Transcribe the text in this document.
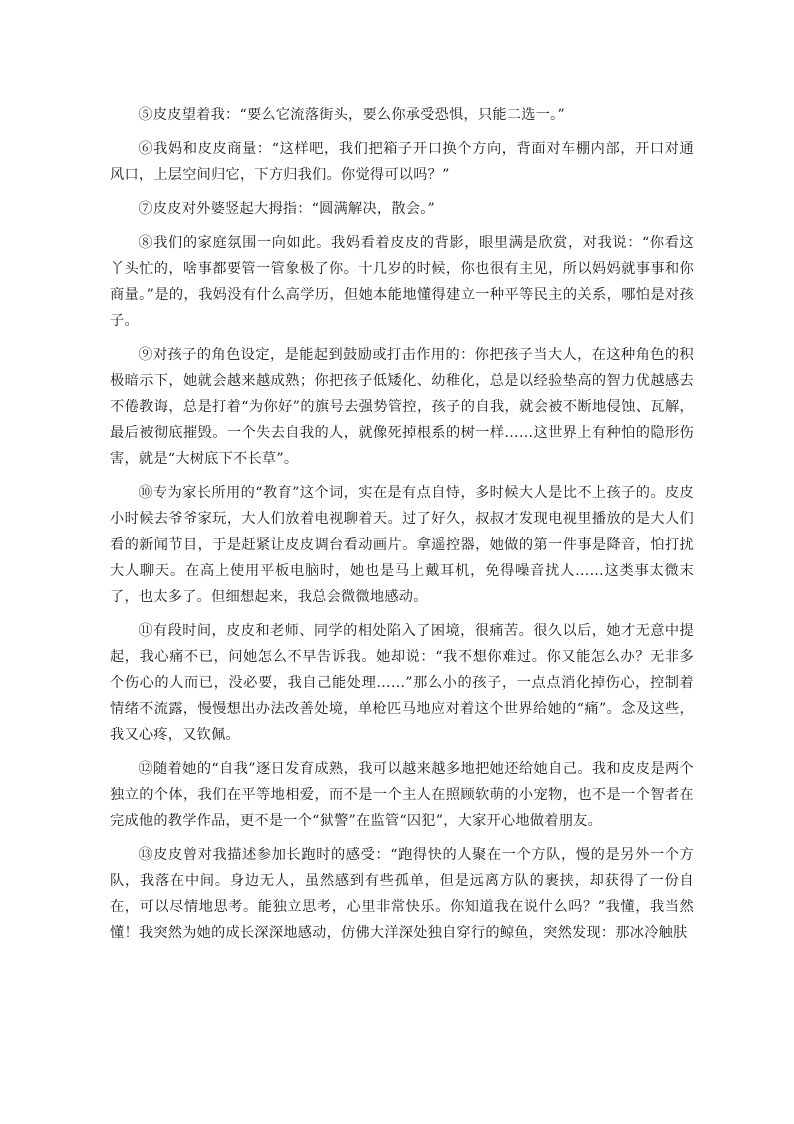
⑤皮皮望着我：“要么它流落街头，要么你承受恐惧，只能二选一。”

⑥我妈和皮皮商量：“这样吧，我们把箱子开口换个方向，背面对车棚内部，开口对通风口，上层空间归它，下方归我们。你觉得可以吗？”

⑦皮皮对外婆竖起大拇指：“圆满解决，散会。”

⑧我们的家庭氛围一向如此。我妈看着皮皮的背影，眼里满是欣赏，对我说：“你看这丫头忙的，啥事都要管一管象极了你。十几岁的时候，你也很有主见，所以妈妈就事事和你商量。”是的，我妈没有什么高学历，但她本能地懂得建立一种平等民主的关系，哪怕是对孩子。

⑨对孩子的角色设定，是能起到鼓励或打击作用的：你把孩子当大人，在这种角色的积极暗示下，她就会越来越成熟；你把孩子低矮化、幼稚化，总是以经验垫高的智力优越感去不倦教诲，总是打着“为你好”的旗号去强势管控，孩子的自我，就会被不断地侵蚀、瓦解，最后被彻底摧毁。一个失去自我的人，就像死掉根系的树一样……这世界上有种怕的隐形伤害，就是“大树底下不长草”。

⑩专为家长所用的“教育”这个词，实在是有点自恃，多时候大人是比不上孩子的。皮皮小时候去爷爷家玩，大人们放着电视聊着天。过了好久，叔叔才发现电视里播放的是大人们看的新闻节目，于是赶紧让皮皮调台看动画片。拿遥控器，她做的第一件事是降音，怕打扰大人聊天。在高上使用平板电脑时，她也是马上戴耳机，免得噪音扰人……这类事太微末了，也太多了。但细想起来，我总会微微地感动。

⑪有段时间，皮皮和老师、同学的相处陷入了困境，很痛苦。很久以后，她才无意中提起，我心痛不已，问她怎么不早告诉我。她却说：“我不想你难过。你又能怎么办？无非多个伤心的人而已，没必要，我自己能处理……”那么小的孩子，一点点消化掉伤心，控制着情绪不流露，慢慢想出办法改善处境，单枪匹马地应对着这个世界给她的“痛”。念及这些，我又心疼，又钦佩。

⑫随着她的“自我”逐日发育成熟，我可以越来越多地把她还给她自己。我和皮皮是两个独立的个体，我们在平等地相爱，而不是一个主人在照顾软萌的小宠物，也不是一个智者在完成他的教学作品，更不是一个“狱警”在监管“囚犯”，大家开心地做着朋友。

⑬皮皮曾对我描述参加长跑时的感受：“跑得快的人聚在一个方队，慢的是另外一个方队，我落在中间。身边无人，虽然感到有些孤单，但是远离方队的裹挟，却获得了一份自在，可以尽情地思考。能独立思考，心里非常快乐。你知道我在说什么吗？”我懂，我当然懂！我突然为她的成长深深地感动，仿佛大洋深处独自穿行的鲸鱼，突然发现：那冰冷触肤
